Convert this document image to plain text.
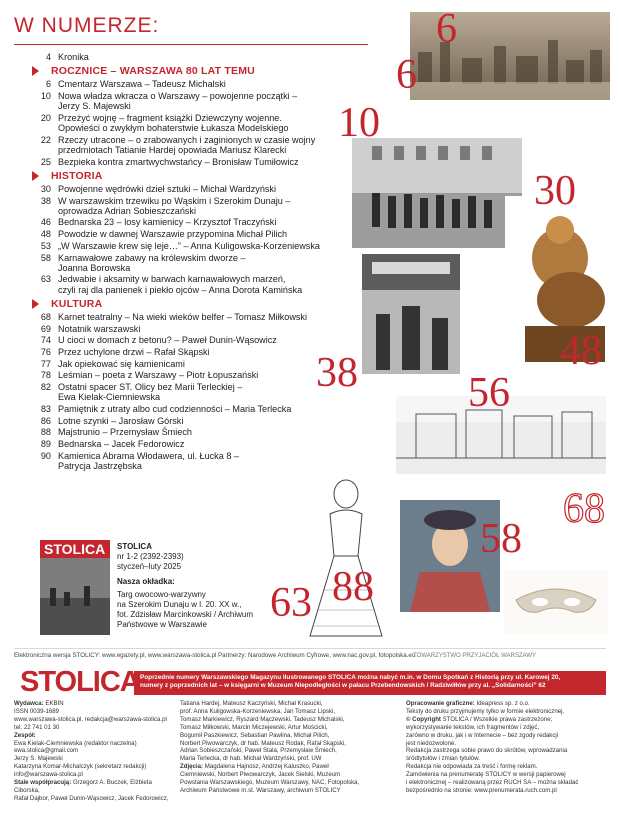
W NUMERZE:
4 Kronika
ROCZNICE – WARSZAWA 80 LAT TEMU
6 Cmentarz Warszawa – Tadeusz Michalski
10 Nowa władza wkracza o Warszawy – powojenne początki –
Jerzy S. Majewski
20 Przeżyć wojnę – fragment książki Dziewczyny wojenne.
Opowieści o zwykłym bohaterstwie Łukasza Modelskiego
22 Rzeczy utracone – o zrabowanych i zaginionych w czasie wojny
przedmiotach Tatianie Hardej opowiada Mariusz Klarecki
25 Bezpieka kontra zmartwychwstańcy – Bronisław Tumiłowicz
HISTORIA
30 Powojenne wędrówki dzieł sztuki – Michał Wardzyński
38 W warszawskim trzewiku po Wąskim i Szerokim Dunaju –
oprowadza Adrian Sobieszczański
46 Bednarska 23 – losy kamienicy – Krzysztof Traczyński
48 Powodzie w dawnej Warszawie przypomina Michał Pilich
53 „W Warszawie krew się leje…” – Anna Kuligowska-Korzeniewska
58 Karnawałowe zabawy na królewskim dworze –
Joanna Borowska
63 Jedwabie i aksamity w barwach karnawałowych marzeń,
czyli raj dla panienek i piekło ojców – Anna Dorota Kamińska
KULTURA
68 Karnet teatralny – Na wieki wieków belfer – Tomasz Miłkowski
69 Notatnik warszawski
74 U cioci w domach z betonu? – Paweł Dunin-Wąsowicz
76 Przez uchylone drzwi – Rafał Skąpski
77 Jak opiekować się kamienicami
78 Leśmian – poeta z Warszawy – Piotr Łopuszański
82 Ostatni spacer ST. Olicy bez Marii Terleckiej –
Ewa Kielak-Ciemniewska
83 Pamiętnik z utraty albo cud codzienności – Maria Terlecka
86 Lotne szynki – Jarosław Górski
88 Majstrunio – Przemysław Śmiech
89 Bednarska – Jacek Fedorowicz
90 Kamienica Abrama Włodawera, ul. Łucka 8 –
Patrycja Jastrzębska
6
6
10
30
48
38	56
58
68
63 88
STOLICA	STOLICA
nr 1-2 (2392-2393)
styczeń–luty 2025
Nasza okładka:
Targ owocowo-warzywny
na Szerokim Dunaju w l. 20. XX w.,
fot. Zdzisław Marcinkowski / Archiwum
Państwowe w Warszawie
Elektroniczna wersja STOLICY: www.egazety.pl, www.warszawa-stolica.pl Partnerzy: Narodowe Archiwum Cyfrowe, www.nac.gov.pl, fotopolska.eu
TOWARZYSTWO PRZYJACIÓŁ WARSZAWY
STOLICA Poprzednie numery Warszawskiego Magazynu Ilustrowanego STOLICA można nabyć m.in. w Domu Spotkań z Historią przy ul. Karowej 20,
numery z poprzednich lat – w księgarni w Muzeum Niepodległości w pałacu Przebendowskich / Radziwiłłów przy al. „Solidarności” 62
Wydawca: EKBIN
ISSN 0039-1689
www.warszawa-stolica.pl, redakcja@warszawa-stolica.pl
tel. 22 741 01 30
Zespół:
Ewa Kielak-Ciemniewska (redaktor naczelna)
ewa.stolica@gmail.com
Jerzy S. Majewski
Katarzyna Komar-Michalczyk (sekretarz redakcji)
info@warszawa-stolica.pl
Stale współpracują: Grzegorz A. Buczek, Elżbieta Ciborska,
Rafał Dajbor, Paweł Dunin-Wąsowicz, Jacek Fedorowicz,
Tatiana Hardej, Mateusz Kaczyński, Michał Krasucki,
prof. Anna Kuligowska-Korzeniewska, Jan Tomasz Lipski,
Tomasz Markiewicz, Ryszard Mączewski, Tadeusz Michalski,
Tomasz Miłkowski, Marcin Miczejewski, Artur Mościcki,
Bogumił Paszkiewicz, Sebastian Pawlina, Michał Pilich,
Norbert Piwowarczyk, dr hab. Mateusz Rodak, Rafał Skąpski,
Adrian Sobieszczański, Paweł Stala, Przemysław Śmiech,
Maria Terlecka, dr hab. Michał Wardzyński, prof. UW
Zdjęcia: Magdalena Hajnosz, Andrzej Kaluszko, Paweł
Ciemniewski, Norbert Piwowarczyk, Jacek Sielski, Muzeum
Powstania Warszawskiego, Muzeum Warszawy, NAC, Fotopolska,
Archiwum Państwowe m.st. Warszawy, archiwum STOLICY
Opracowanie graficzne: Ideapress sp. z o.o.
Teksty do druku przyjmujemy tylko w formie elektronicznej.
© Copyright STOLICA / Wszelkie prawa zastrzeżone;
wykorzystywanie tekstów, ich fragmentów i zdjęć,
zarówno w druku, jak i w Internecie – bez zgody redakcji
jest niedozwolone.
Redakcja zastrzega sobie prawo do skrótów, wprowadzania
śródtytułów i zmian tytułów.
Redakcja nie odpowiada za treść i formę reklam.
Zamówienia na prenumeratę STOLICY w wersji papierowej
i elektronicznej – realizowaną przez RUCH SA – można składać
bezpośrednio na stronie: www.prenumerata.ruch.com.pl
